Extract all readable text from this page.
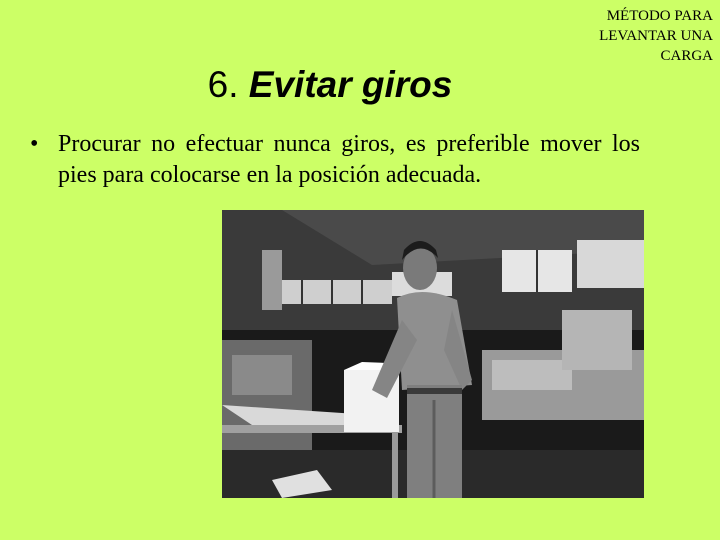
MÉTODO PARA
LEVANTAR UNA
CARGA
6. Evitar giros
• Procurar no efectuar nunca giros, es preferible mover los pies para colocarse en la posición adecuada.
